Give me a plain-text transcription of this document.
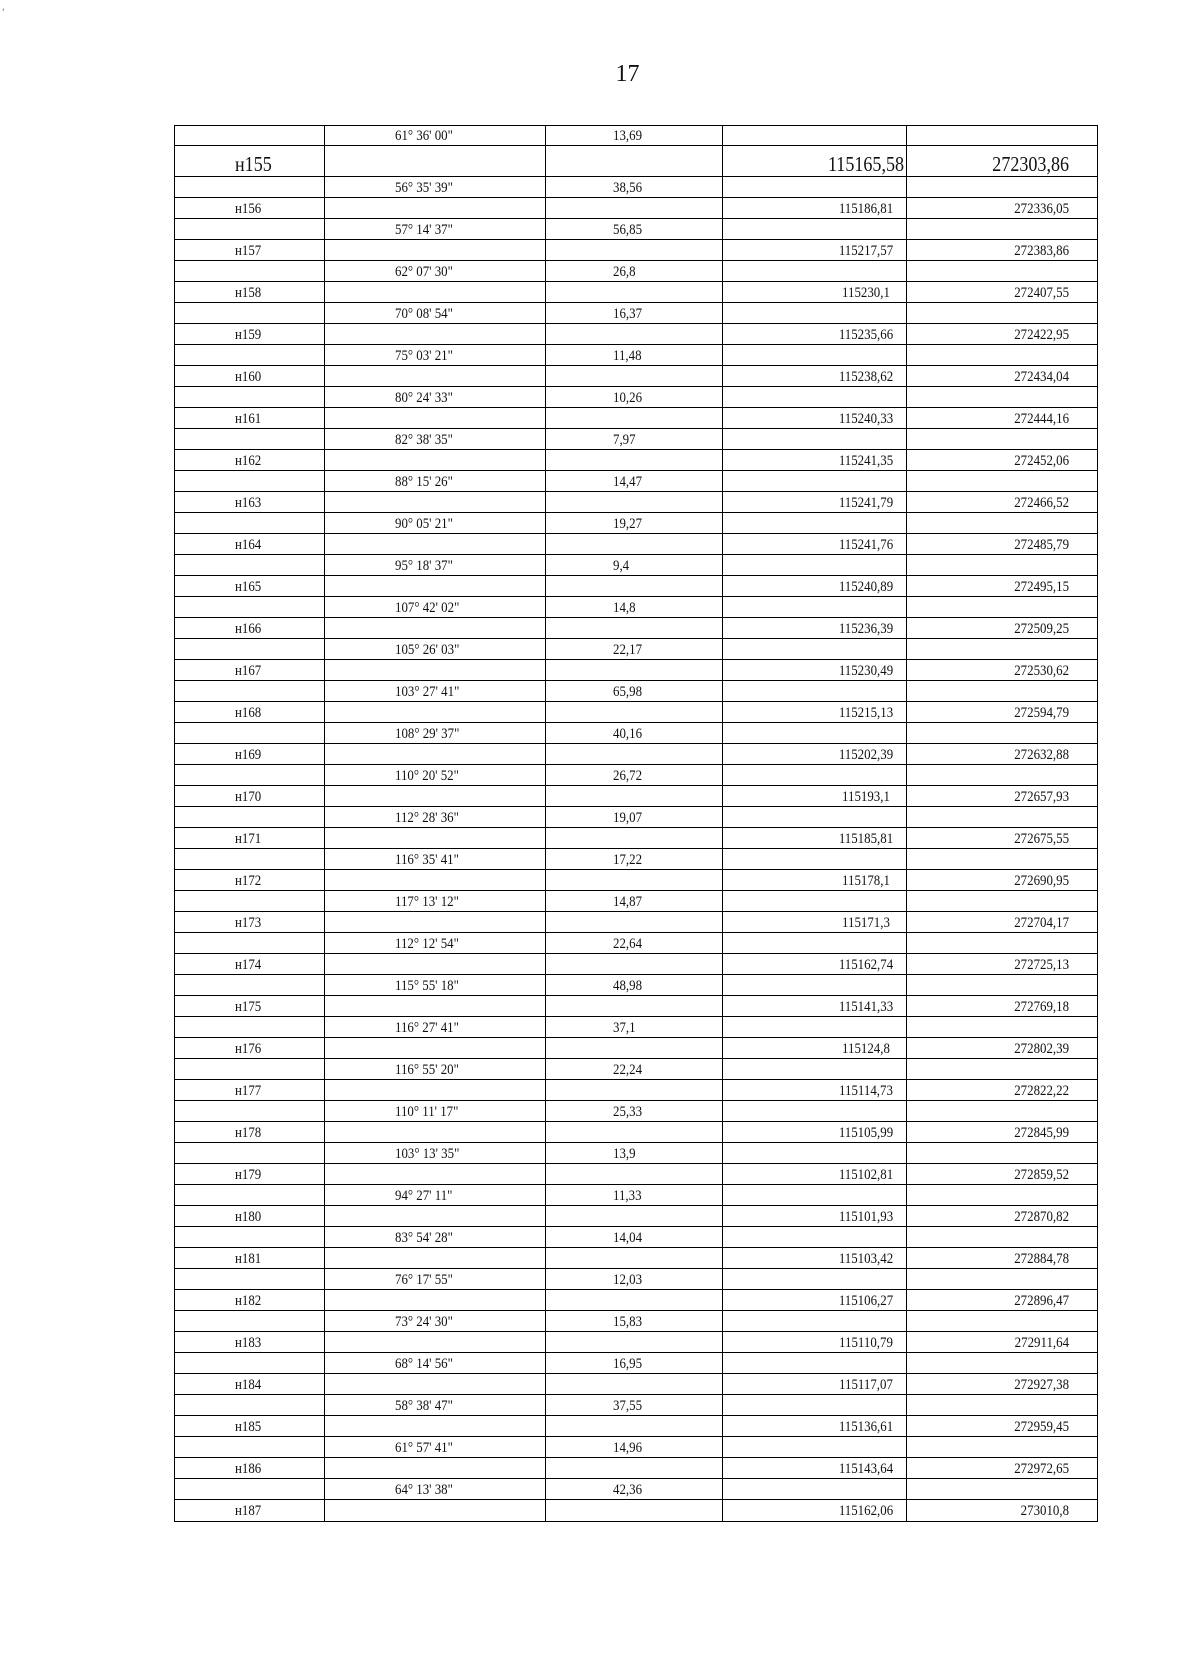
ʻ
17
61° 36' 00"	13,69
н155	115165,58	272303,86
56° 35' 39"	38,56
н156	115186,81	272336,05
57° 14' 37"	56,85
н157	115217,57	272383,86
62° 07' 30"	26,8
н158	115230,1	272407,55
70° 08' 54"	16,37
н159	115235,66	272422,95
75° 03' 21"	11,48
н160	115238,62	272434,04
80° 24' 33"	10,26
н161	115240,33	272444,16
82° 38' 35"	7,97
н162	115241,35	272452,06
88° 15' 26"	14,47
н163	115241,79	272466,52
90° 05' 21"	19,27
н164	115241,76	272485,79
95° 18' 37"	9,4
н165	115240,89	272495,15
107° 42' 02"	14,8
н166	115236,39	272509,25
105° 26' 03"	22,17
н167	115230,49	272530,62
103° 27' 41"	65,98
н168	115215,13	272594,79
108° 29' 37"	40,16
н169	115202,39	272632,88
110° 20' 52"	26,72
н170	115193,1	272657,93
112° 28' 36"	19,07
н171	115185,81	272675,55
116° 35' 41"	17,22
н172	115178,1	272690,95
117° 13' 12"	14,87
н173	115171,3	272704,17
112° 12' 54"	22,64
н174	115162,74	272725,13
115° 55' 18"	48,98
н175	115141,33	272769,18
116° 27' 41"	37,1
н176	115124,8	272802,39
116° 55' 20"	22,24
н177	115114,73	272822,22
110° 11' 17"	25,33
н178	115105,99	272845,99
103° 13' 35"	13,9
н179	115102,81	272859,52
94° 27' 11"	11,33
н180	115101,93	272870,82
83° 54' 28"	14,04
н181	115103,42	272884,78
76° 17' 55"	12,03
н182	115106,27	272896,47
73° 24' 30"	15,83
н183	115110,79	272911,64
68° 14' 56"	16,95
н184	115117,07	272927,38
58° 38' 47"	37,55
н185	115136,61	272959,45
61° 57' 41"	14,96
н186	115143,64	272972,65
64° 13' 38"	42,36
н187	115162,06	273010,8
